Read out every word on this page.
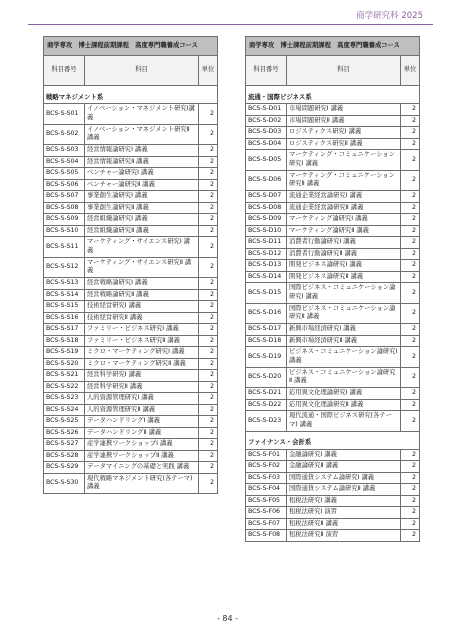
商学研究科 2025
商学専攻　博士課程前期課程　高度専門職養成コース		
科目番号	科目	単位
戦略マネジメント系		
BCS-S-S01	イノベーション・マネジメント研究Ⅰ講義	2
BCS-S-S02	イノベーション・マネジメント研究Ⅱ講義	2
BCS-S-S03	経営情報論研究Ⅰ 講義	2
BCS-S-S04	経営情報論研究Ⅱ 講義	2
BCS-S-S05	ベンチャー論研究Ⅰ 講義	2
BCS-S-S06	ベンチャー論研究Ⅱ 講義	2
BCS-S-S07	事業創生論研究Ⅰ 講義	2
BCS-S-S08	事業創生論研究Ⅱ 講義	2
BCS-S-S09	経営組織論研究Ⅰ 講義	2
BCS-S-S10	経営組織論研究Ⅱ 講義	2
BCS-S-S11	マーケティング・サイエンス研究Ⅰ 講義	2
BCS-S-S12	マーケティング・サイエンス研究Ⅱ 講義	2
BCS-S-S13	経営戦略論研究Ⅰ 講義	2
BCS-S-S14	経営戦略論研究Ⅱ 講義	2
BCS-S-S15	技術経営研究Ⅰ 講義	2
BCS-S-S16	技術経営研究Ⅱ 講義	2
BCS-S-S17	ファミリー・ビジネス研究Ⅰ 講義	2
BCS-S-S18	ファミリー・ビジネス研究Ⅱ 講義	2
BCS-S-S19	ミクロ・マーケティング研究Ⅰ 講義	2
BCS-S-S20	ミクロ・マーケティング研究Ⅱ 講義	2
BCS-S-S21	経営科学研究Ⅰ 講義	2
BCS-S-S22	経営科学研究Ⅱ 講義	2
BCS-S-S23	人的資源管理研究Ⅰ 講義	2
BCS-S-S24	人的資源管理研究Ⅱ 講義	2
BCS-S-S25	データハンドリングⅠ 講義	2
BCS-S-S26	データハンドリングⅡ 講義	2
BCS-S-S27	産学連携ワークショップⅠ 講義	2
BCS-S-S28	産学連携ワークショップⅡ 講義	2
BCS-S-S29	データマイニングの基礎と実践 講義	2
BCS-S-S30	現代戦略マネジメント研究(各テーマ) 講義	2
商学専攻　博士課程前期課程　高度専門職養成コース		
科目番号	科目	単位
流通・国際ビジネス系		
BCS-S-D01	市場問題研究Ⅰ 講義	2
BCS-S-D02	市場問題研究Ⅱ 講義	2
BCS-S-D03	ロジスティクス研究Ⅰ 講義	2
BCS-S-D04	ロジスティクス研究Ⅱ 講義	2
BCS-S-D05	マーケティング・コミュニケーション研究Ⅰ 講義	2
BCS-S-D06	マーケティング・コミュニケーション研究Ⅱ 講義	2
BCS-S-D07	流通企業経営論研究Ⅰ 講義	2
BCS-S-D08	流通企業経営論研究Ⅱ 講義	2
BCS-S-D09	マーケティング論研究Ⅰ 講義	2
BCS-S-D10	マーケティング論研究Ⅱ 講義	2
BCS-S-D11	消費者行動論研究Ⅰ 講義	2
BCS-S-D12	消費者行動論研究Ⅱ 講義	2
BCS-S-D13	開発ビジネス論研究Ⅰ 講義	2
BCS-S-D14	開発ビジネス論研究Ⅱ 講義	2
BCS-S-D15	国際ビジネス・コミュニケーション論研究Ⅰ 講義	2
BCS-S-D16	国際ビジネス・コミュニケーション論研究Ⅱ 講義	2
BCS-S-D17	新興市場経済研究Ⅰ 講義	2
BCS-S-D18	新興市場経済研究Ⅱ 講義	2
BCS-S-D19	ビジネス・コミュニケーション論研究Ⅰ 講義	2
BCS-S-D20	ビジネス・コミュニケーション論研究Ⅱ 講義	2
BCS-S-D21	応用異文化理論研究Ⅰ 講義	2
BCS-S-D22	応用異文化理論研究Ⅱ 講義	2
BCS-S-D23	現代流通・国際ビジネス研究(各テーマ) 講義	2
ファイナンス・会計系		
BCS-S-F01	金融論研究Ⅰ 講義	2
BCS-S-F02	金融論研究Ⅱ 講義	2
BCS-S-F03	国際通貨システム論研究Ⅰ 講義	2
BCS-S-F04	国際通貨システム論研究Ⅱ 講義	2
BCS-S-F05	租税法研究Ⅰ 講義	2
BCS-S-F06	租税法研究Ⅰ 演習	2
BCS-S-F07	租税法研究Ⅱ 講義	2
BCS-S-F08	租税法研究Ⅱ 演習	2
- 84 -
